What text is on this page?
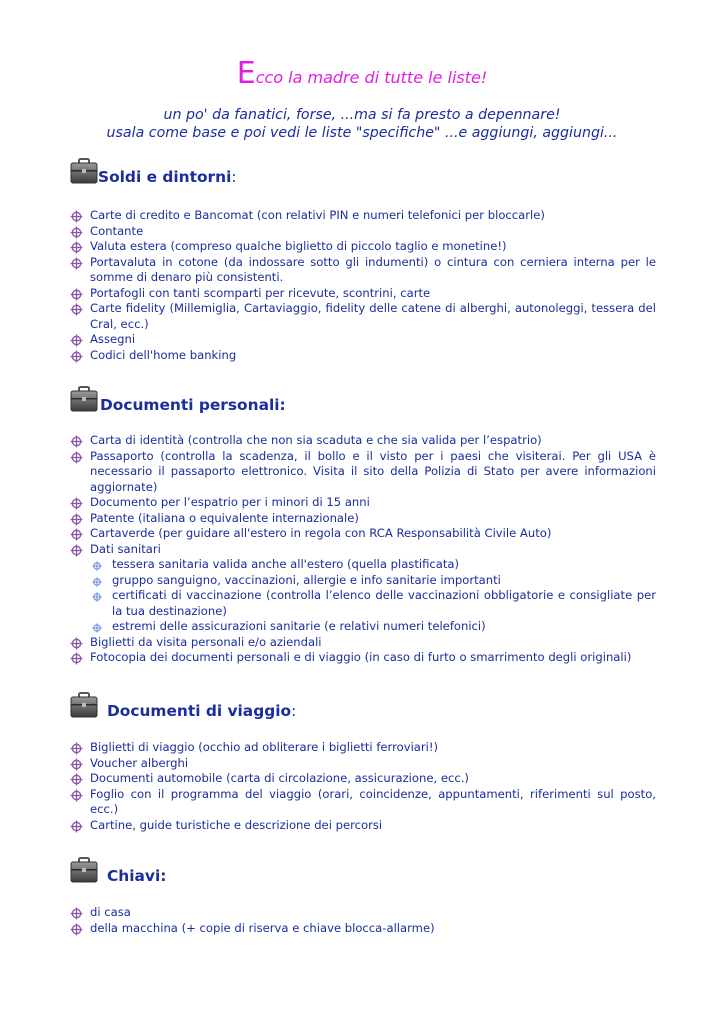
Ecco la madre di tutte le liste!
un po' da fanatici, forse, ...ma si fa presto a depennare!
usala come base e poi vedi le liste "specifiche" ...e aggiungi, aggiungi...
Soldi e dintorni:
Carte di credito e Bancomat (con relativi PIN e numeri telefonici per bloccarle)
Contante
Valuta estera (compreso qualche biglietto di piccolo taglio e monetine!)
Portavaluta in cotone (da indossare sotto gli indumenti) o cintura con cerniera interna per le somme di denaro più consistenti.
Portafogli con tanti scomparti per ricevute, scontrini, carte
Carte fidelity (Millemiglia, Cartaviaggio, fidelity delle catene di alberghi, autonoleggi, tessera del Cral, ecc.)
Assegni
Codici dell'home banking
Documenti personali:
Carta di identità (controlla che non sia scaduta e che sia valida per l’espatrio)
Passaporto (controlla la scadenza, il bollo e il visto per i paesi che visiterai. Per gli USA è necessario il passaporto elettronico. Visita il sito della Polizia di Stato per avere informazioni aggiornate)
Documento per l’espatrio per i minori di 15 anni
Patente (italiana o equivalente internazionale)
Cartaverde (per guidare all'estero in regola con RCA Responsabilità Civile Auto)
Dati sanitari
tessera sanitaria valida anche all'estero (quella plastificata)
gruppo sanguigno, vaccinazioni, allergie e info sanitarie importanti
certificati di vaccinazione (controlla l’elenco delle vaccinazioni obbligatorie e consigliate per la tua destinazione)
estremi delle assicurazioni sanitarie (e relativi numeri telefonici)
Biglietti da visita personali e/o aziendali
Fotocopia dei documenti personali e di viaggio (in caso di furto o smarrimento degli originali)
Documenti di viaggio:
Biglietti di viaggio (occhio ad obliterare i biglietti ferroviari!)
Voucher alberghi
Documenti automobile (carta di circolazione, assicurazione, ecc.)
Foglio con il programma del viaggio (orari, coincidenze, appuntamenti, riferimenti sul posto, ecc.)
Cartine, guide turistiche e descrizione dei percorsi
Chiavi:
di casa
della macchina (+ copie di riserva e chiave blocca-allarme)
